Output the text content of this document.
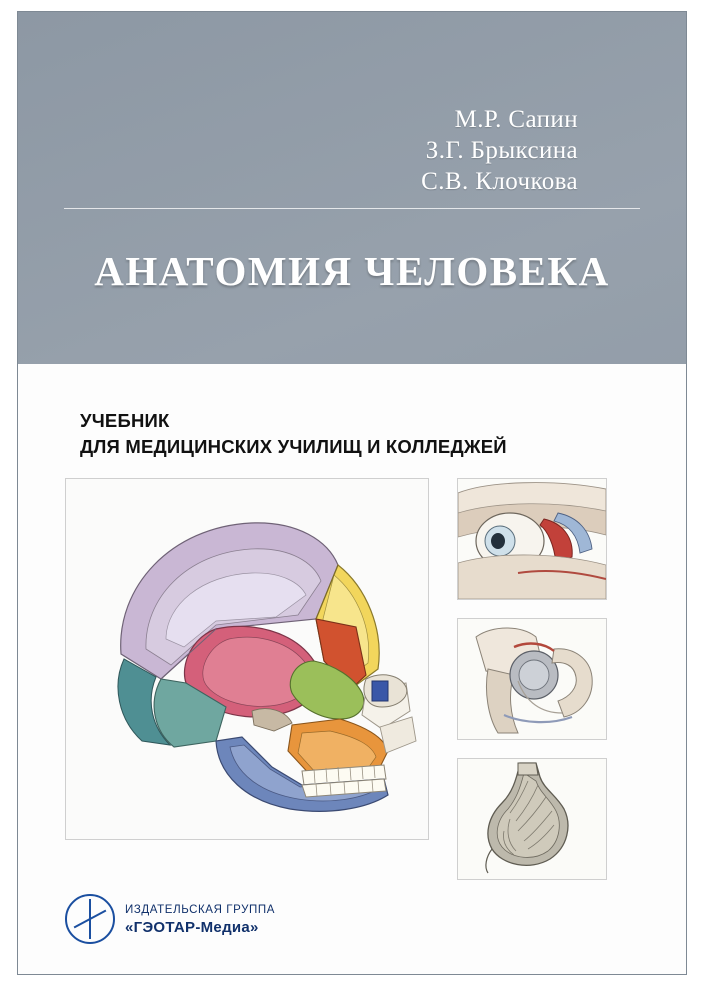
М.Р. Сапин
З.Г. Брыксина
С.В. Клочкова
АНАТОМИЯ ЧЕЛОВЕКА
УЧЕБНИК
ДЛЯ МЕДИЦИНСКИХ УЧИЛИЩ И КОЛЛЕДЖЕЙ
ИЗДАТЕЛЬСКАЯ ГРУППА
«ГЭОТАР-Медиа»
